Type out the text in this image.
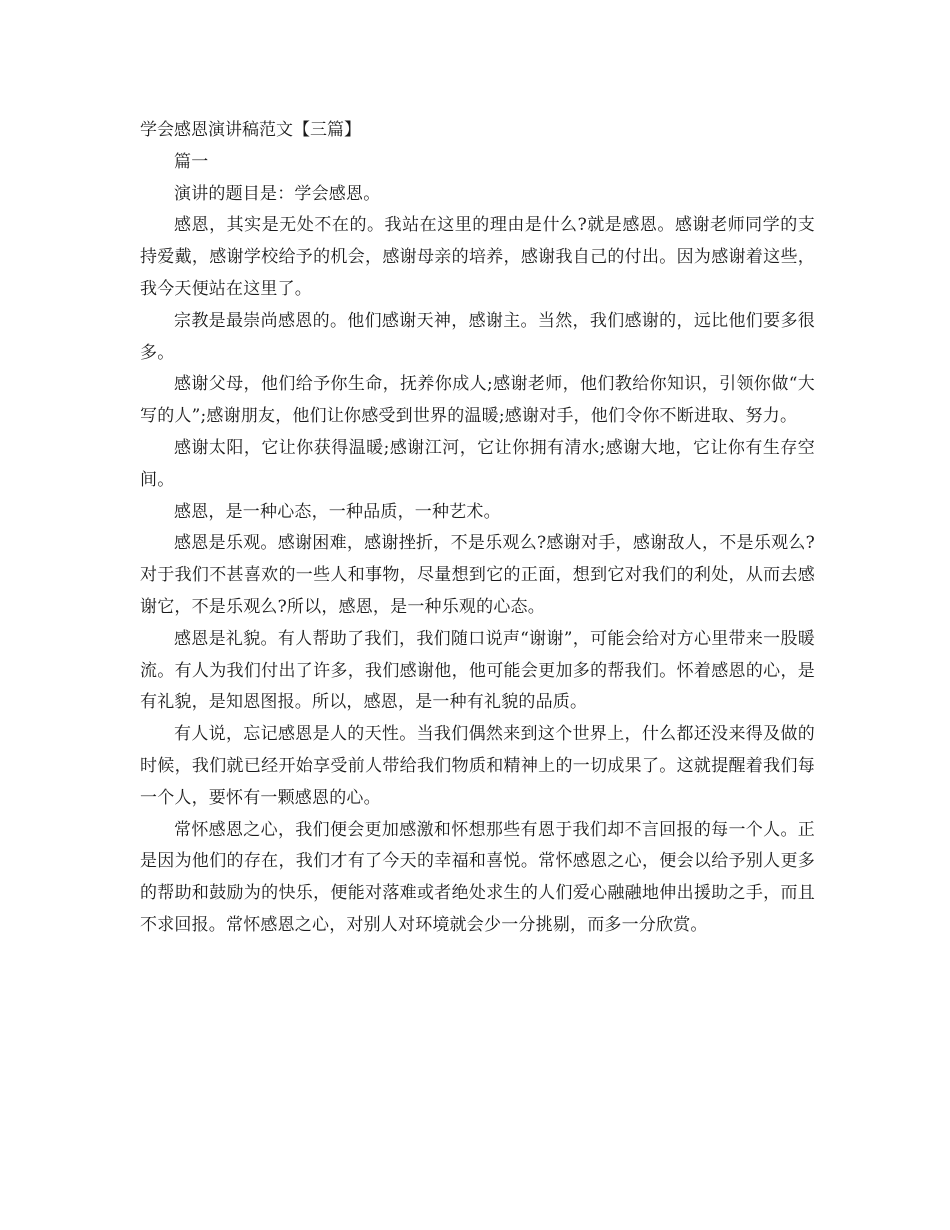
学会感恩演讲稿范文【三篇】

篇一

演讲的题目是：学会感恩。

感恩，其实是无处不在的。我站在这里的理由是什么?就是感恩。感谢老师同学的支持爱戴，感谢学校给予的机会，感谢母亲的培养，感谢我自己的付出。因为感谢着这些，我今天便站在这里了。

宗教是最崇尚感恩的。他们感谢天神，感谢主。当然，我们感谢的，远比他们要多很多。

感谢父母，他们给予你生命，抚养你成人;感谢老师，他们教给你知识，引领你做“大写的人”;感谢朋友，他们让你感受到世界的温暖;感谢对手，他们令你不断进取、努力。

感谢太阳，它让你获得温暖;感谢江河，它让你拥有清水;感谢大地，它让你有生存空间。

感恩，是一种心态，一种品质，一种艺术。

感恩是乐观。感谢困难，感谢挫折，不是乐观么?感谢对手，感谢敌人，不是乐观么?对于我们不甚喜欢的一些人和事物，尽量想到它的正面，想到它对我们的利处，从而去感谢它，不是乐观么?所以，感恩，是一种乐观的心态。

感恩是礼貌。有人帮助了我们，我们随口说声“谢谢”，可能会给对方心里带来一股暖流。有人为我们付出了许多，我们感谢他，他可能会更加多的帮我们。怀着感恩的心，是有礼貌，是知恩图报。所以，感恩，是一种有礼貌的品质。

有人说，忘记感恩是人的天性。当我们偶然来到这个世界上，什么都还没来得及做的时候，我们就已经开始享受前人带给我们物质和精神上的一切成果了。这就提醒着我们每一个人，要怀有一颗感恩的心。

常怀感恩之心，我们便会更加感激和怀想那些有恩于我们却不言回报的每一个人。正是因为他们的存在，我们才有了今天的幸福和喜悦。常怀感恩之心，便会以给予别人更多的帮助和鼓励为的快乐，便能对落难或者绝处求生的人们爱心融融地伸出援助之手，而且不求回报。常怀感恩之心，对别人对环境就会少一分挑剔，而多一分欣赏。
